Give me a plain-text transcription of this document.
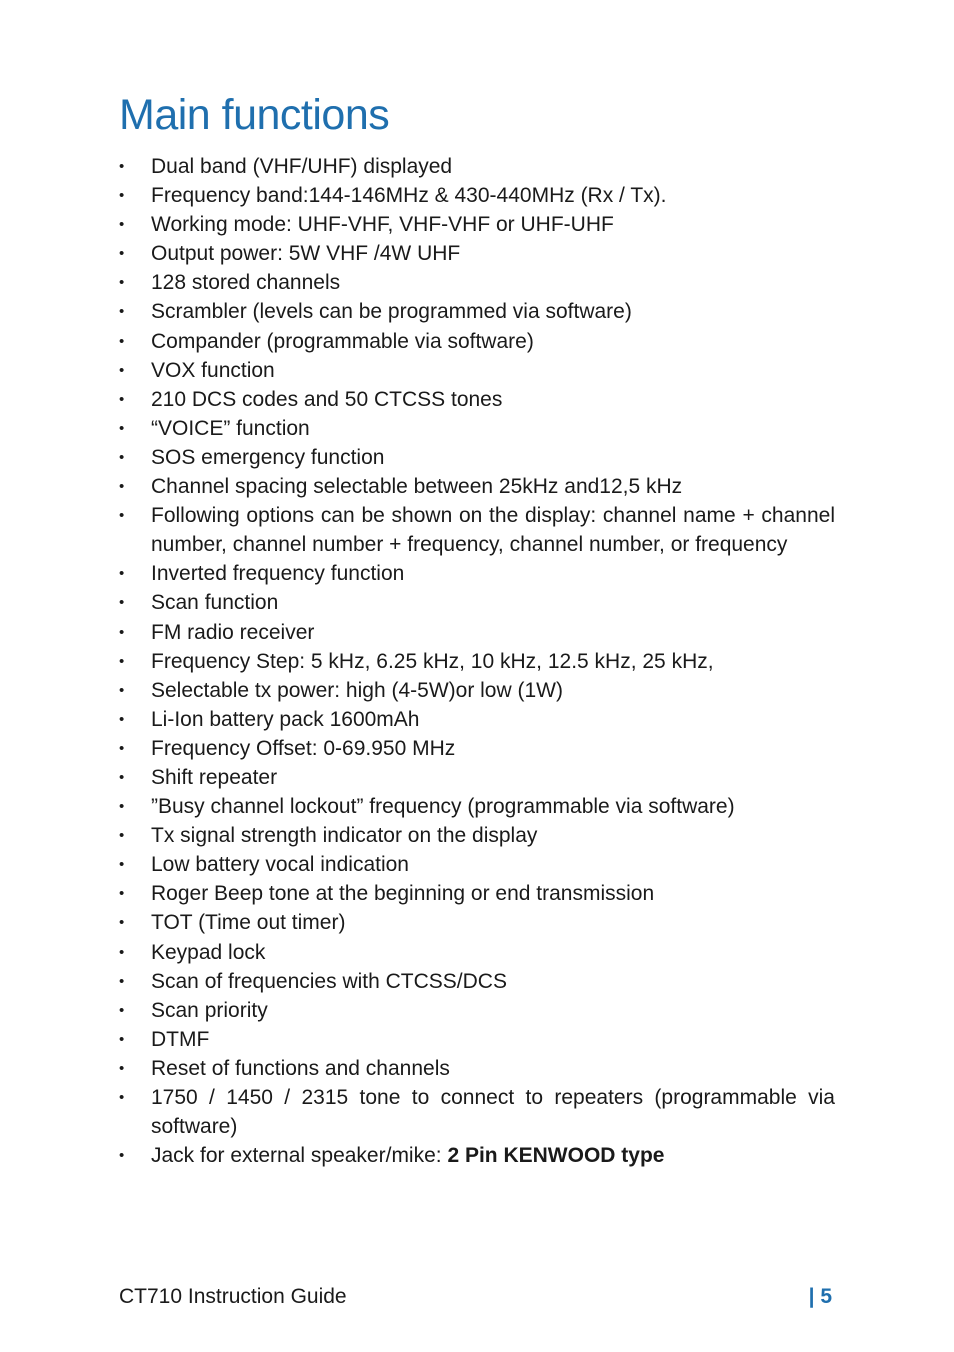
Main functions
• Dual band (VHF/UHF) displayed
• Frequency band:144-146MHz & 430-440MHz (Rx / Tx).
• Working mode: UHF-VHF, VHF-VHF or UHF-UHF
• Output power: 5W VHF /4W UHF
• 128 stored channels
• Scrambler (levels can be programmed via software)
• Compander (programmable via software)
• VOX function
• 210 DCS codes and 50 CTCSS tones
• “VOICE” function
• SOS emergency function
• Channel spacing selectable between 25kHz and12,5 kHz
• Following options can be shown on the display: channel name + channel number, channel number + frequency, channel number, or frequency
• Inverted frequency function
• Scan function
• FM radio receiver
• Frequency Step: 5 kHz, 6.25 kHz, 10 kHz, 12.5 kHz, 25 kHz,
• Selectable tx power: high (4-5W)or low (1W)
• Li-Ion battery pack 1600mAh
• Frequency Offset: 0-69.950 MHz
• Shift repeater
• ”Busy channel lockout” frequency (programmable via software)
• Tx signal strength indicator on the display
• Low battery vocal indication
• Roger Beep tone at the beginning or end transmission
• TOT (Time out timer)
• Keypad lock
• Scan of frequencies with CTCSS/DCS
• Scan priority
• DTMF
• Reset of functions and channels
• 1750 / 1450 / 2315 tone to connect to repeaters (programmable via software)
• Jack for external speaker/mike: 2 Pin KENWOOD type
CT710 Instruction Guide	| 5
